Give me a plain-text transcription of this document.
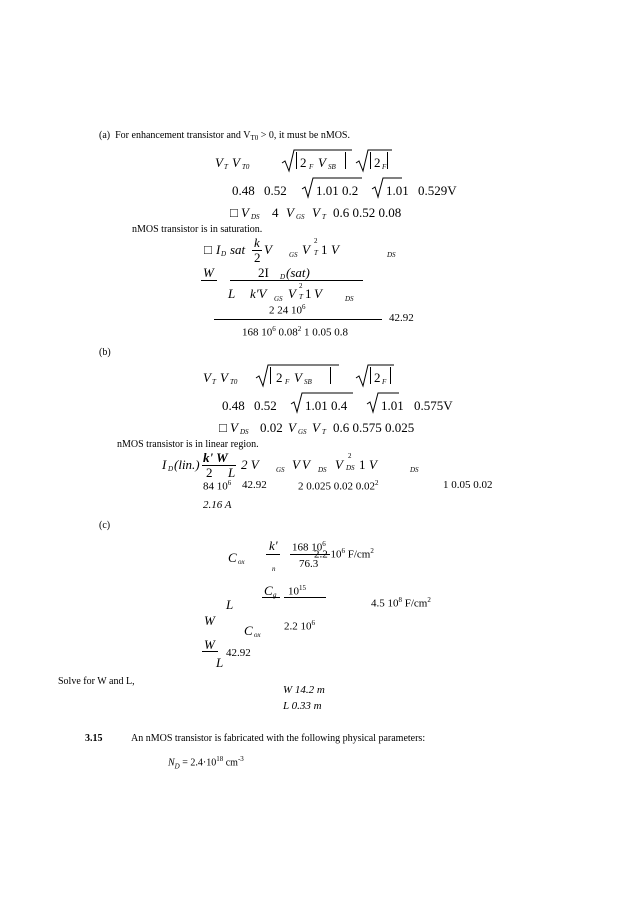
(a) For enhancement transistor and $V_{T0} > 0$, it must be nMOS.
V T V T0	2 F V SB	2 F
0.48 0.52 1.01 0.2 1.01 0.529V
□ V DS 4 V GS V T 0.6 0.52 0.08
nMOS transistor is in saturation.
□ I D sat k
2
V GS V
2
T 1 V	DS
W	2I D (sat)
L k'V GS V 2
T 1 V	DS
2 24 $10^6$
168 $10^6$ 0.08$^2$ 1 0.05 0.8
42.92
(b)
V T V T0	2 F V SB	2 F
0.48 0.52 1.01 0.4	1.01 0.575V
□ V DS 0.02 V GS V T 0.6 0.575 0.025
nMOS transistor is in linear region.
I D (lin.) k' W
2 L
2 V GS V V DS V
2
DS 1 V	DS
84 $10^6$ 42.92	2 0.025 0.02 0.02$^2$	1 0.05 0.02
2.16 A
(c)
C ox
k'
n
168 $10^6$
76.3
2.2 $10^6$ $F/cm^2$
C g
L
W
C ox
$10^{15}$
2.2 $10^6$
4.5 $10^8$ $F/cm^2$
W
L
42.92
Solve for W and L,
W 14.2 m
L 0.33 m
3.15	An nMOS transistor is fabricated with the following physical parameters:
$N_D = 2.4\cdot 10^{18}$ $cm^{-3}$
